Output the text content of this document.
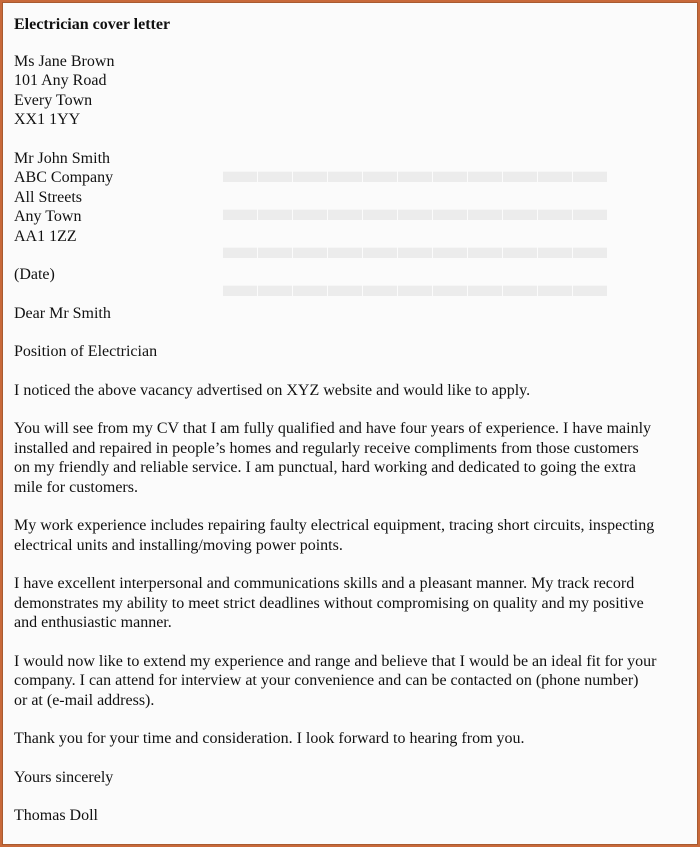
▬▬▬▬▬▬▬▬▬▬▬
▬▬▬▬▬▬▬▬▬▬▬
▬▬▬▬▬▬▬▬▬▬▬
▬▬▬▬▬▬▬▬▬▬▬
Electrician cover letter
Ms Jane Brown
101 Any Road
Every Town
XX1 1YY
Mr John Smith
ABC Company
All Streets
Any Town
AA1 1ZZ

(Date)

Dear Mr Smith

Position of Electrician

I noticed the above vacancy advertised on XYZ website and would like to apply.

You will see from my CV that I am fully qualified and have four years of experience. I have mainly
installed and repaired in people’s homes and regularly receive compliments from those customers
on my friendly and reliable service. I am punctual, hard working and dedicated to going the extra
mile for customers.

My work experience includes repairing faulty electrical equipment, tracing short circuits, inspecting
electrical units and installing/moving power points.

I have excellent interpersonal and communications skills and a pleasant manner. My track record
demonstrates my ability to meet strict deadlines without compromising on quality and my positive
and enthusiastic manner.

I would now like to extend my experience and range and believe that I would be an ideal fit for your
company. I can attend for interview at your convenience and can be contacted on (phone number)
or at (e-mail address).

Thank you for your time and consideration. I look forward to hearing from you.

Yours sincerely

Thomas Doll
